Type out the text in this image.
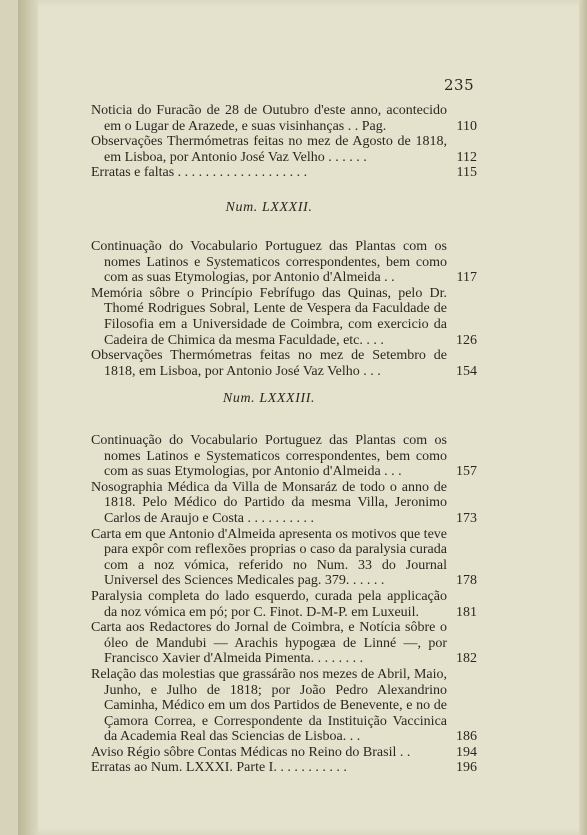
235
Noticia do Furacão de 28 de Outubro d'este anno, acontecido em o Lugar de Arazede, e suas visinhanças . . Pag.	110
Observações Thermómetras feitas no mez de Agosto de 1818, em Lisboa, por Antonio José Vaz Velho . . . . . .	112
Erratas e faltas . . . . . . . . . . . . . . . . . . .	115
Num. LXXXII.
Continuação do Vocabulario Portuguez das Plantas com os nomes Latinos e Systematicos correspondentes, bem como com as suas Etymologias, por Antonio d'Almeida . .	117
Memória sôbre o Princípio Febrífugo das Quinas, pelo Dr. Thomé Rodrigues Sobral, Lente de Vespera da Faculdade de Filosofia em a Universidade de Coimbra, com exercicio da Cadeira de Chimica da mesma Faculdade, etc. . . .	126
Observações Thermómetras feitas no mez de Setembro de 1818, em Lisboa, por Antonio José Vaz Velho . . .	154
Num. LXXXIII.
Continuação do Vocabulario Portuguez das Plantas com os nomes Latinos e Systematicos correspondentes, bem como com as suas Etymologias, por Antonio d'Almeida . . .	157
Nosographia Médica da Villa de Monsaráz de todo o anno de 1818. Pelo Médico do Partido da mesma Villa, Jeronimo Carlos de Araujo e Costa . . . . . . . . . .	173
Carta em que Antonio d'Almeida apresenta os motivos que teve para expôr com reflexões proprias o caso da paralysia curada com a noz vómica, referido no Num. 33 do Journal Universel des Sciences Medicales pag. 379. . . . . .	178
Paralysia completa do lado esquerdo, curada pela applicação da noz vómica em pó; por C. Finot. D-M-P. em Luxeuil.	181
Carta aos Redactores do Jornal de Coimbra, e Notícia sôbre o óleo de Mandubi — Arachis hypogæa de Linné —, por Francisco Xavier d'Almeida Pimenta. . . . . . . .	182
Relação das molestias que grassárão nos mezes de Abril, Maio, Junho, e Julho de 1818; por João Pedro Alexandrino Caminha, Médico em um dos Partidos de Benevente, e no de Çamora Correa, e Correspondente da Instituição Vaccinica da Academia Real das Sciencias de Lisboa. . .	186
Aviso Régio sôbre Contas Médicas no Reino do Brasil . .	194
Erratas ao Num. LXXXI. Parte I. . . . . . . . . . .	196
